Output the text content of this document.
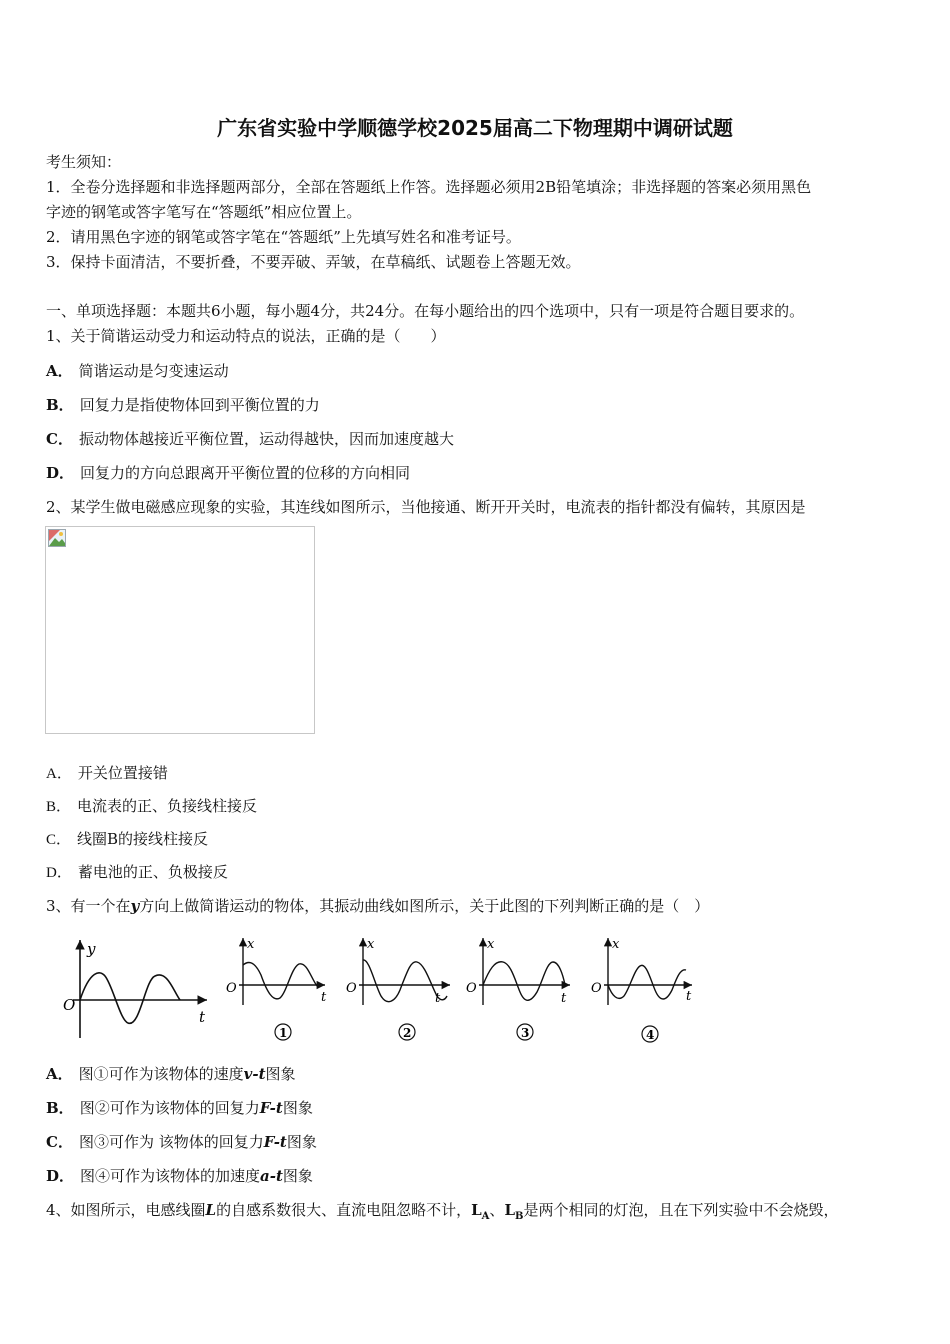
广东省实验中学顺德学校2025届高二下物理期中调研试题
考生须知：
1．全卷分选择题和非选择题两部分，全部在答题纸上作答。选择题必须用2B铅笔填涂；非选择题的答案必须用黑色
字迹的钢笔或答字笔写在“答题纸”相应位置上。
2．请用黑色字迹的钢笔或答字笔在“答题纸”上先填写姓名和准考证号。
3．保持卡面清洁，不要折叠，不要弄破、弄皱，在草稿纸、试题卷上答题无效。
一、单项选择题：本题共6小题，每小题4分，共24分。在每小题给出的四个选项中，只有一项是符合题目要求的。
1、关于简谐运动受力和运动特点的说法，正确的是（　　）
A． 简谐运动是匀变速运动
B． 回复力是指使物体回到平衡位置的力
C． 振动物体越接近平衡位置，运动得越快，因而加速度越大
D． 回复力的方向总跟离开平衡位置的位移的方向相同
2、某学生做电磁感应现象的实验，其连线如图所示，当他接通、断开开关时，电流表的指针都没有偏转，其原因是
A． 开关位置接错
B． 电流表的正、负接线柱接反
C． 线圈B的接线柱接反
D． 蓄电池的正、负极接反
3、有一个在y方向上做简谐运动的物体，其振动曲线如图所示，关于此图的下列判断正确的是（　）
y
O
t
x
O
t
1
x
O
t
2
x
O
t
3
x
O
t
4
A． 图①可作为该物体的速度v-t图象
B． 图②可作为该物体的回复力F-t图象
C． 图③可作为 该物体的回复力F-t图象
D． 图④可作为该物体的加速度a-t图象
4、如图所示，电感线圈L的自感系数很大、直流电阻忽略不计，$L_A$、$L_B$是两个相同的灯泡，且在下列实验中不会烧毁，
